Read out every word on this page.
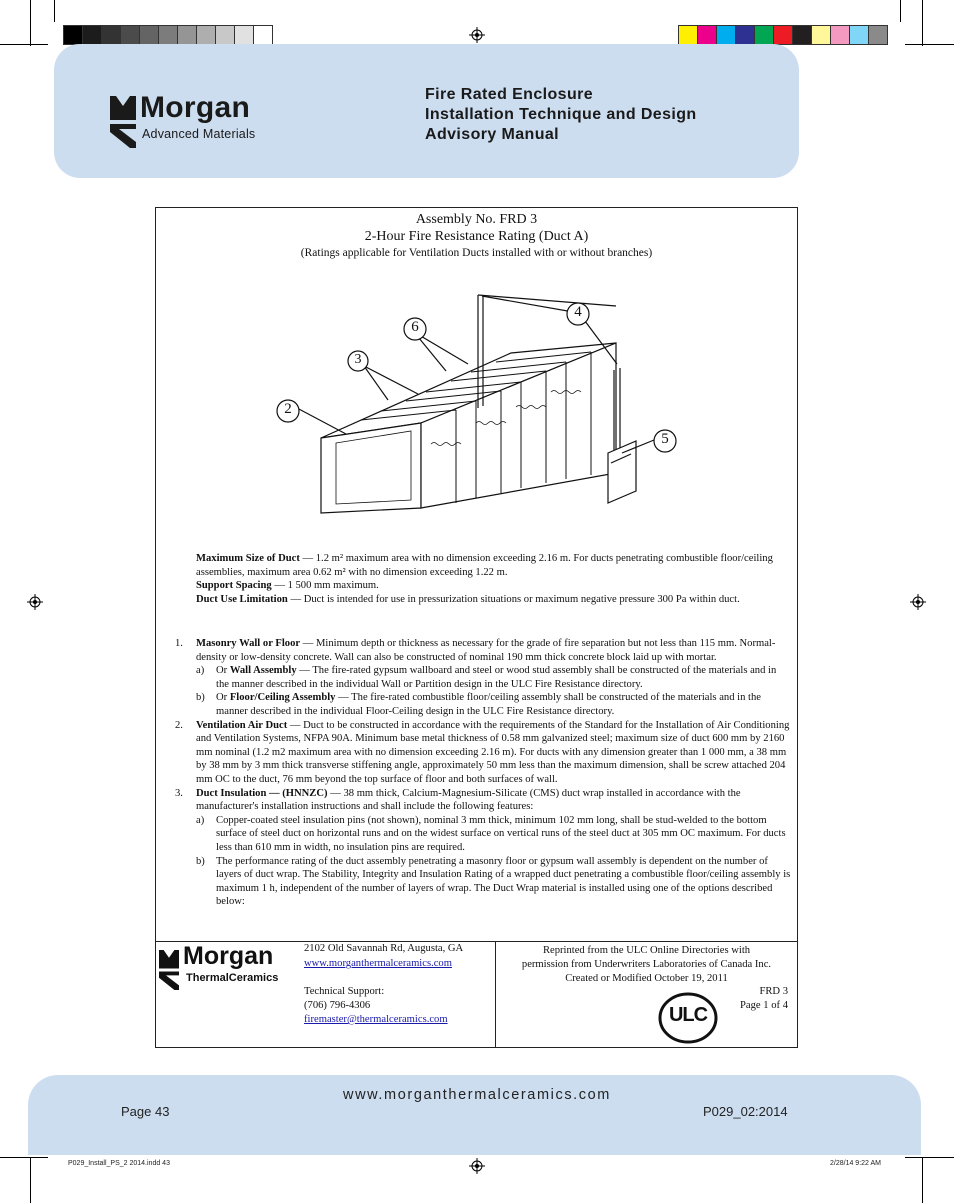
Morgan
Advanced Materials
Fire Rated Enclosure
Installation Technique and Design
Advisory Manual
Assembly No. FRD 3
2-Hour Fire Resistance Rating (Duct A)
(Ratings applicable for Ventilation Ducts installed with or without branches)
2
3
4
5
6

Maximum Size of Duct — 1.2 m² maximum area with no dimension exceeding 2.16 m. For ducts penetrating combustible floor/ceiling assemblies, maximum area 0.62 m² with no dimension exceeding 1.22 m.

Support Spacing — 1 500 mm maximum.

Duct Use Limitation — Duct is intended for use in pressurization situations or maximum negative pressure 300 Pa within duct.

1. Masonry Wall or Floor — Minimum depth or thickness as necessary for the grade of fire separation but not less than 115 mm. Normal-density or low-density concrete. Wall can also be constructed of nominal 190 mm thick concrete block laid up with mortar.
a) Or Wall Assembly — The fire-rated gypsum wallboard and steel or wood stud assembly shall be constructed of the materials and in the manner described in the individual Wall or Partition design in the ULC Fire Resistance directory.
b) Or Floor/Ceiling Assembly — The fire-rated combustible floor/ceiling assembly shall be constructed of the materials and in the manner described in the individual Floor-Ceiling design in the ULC Fire Resistance directory.
2. Ventilation Air Duct — Duct to be constructed in accordance with the requirements of the Standard for the Installation of Air Conditioning and Ventilation Systems, NFPA 90A. Minimum base metal thickness of 0.58 mm galvanized steel; maximum size of duct 600 mm by 2160 mm nominal (1.2 m2 maximum area with no dimension exceeding 2.16 m). For ducts with any dimension greater than 1 000 mm, a 38 mm by 38 mm by 3 mm thick transverse stiffening angle, approximately 50 mm less than the maximum dimension, shall be screw attached 204 mm OC to the duct, 76 mm beyond the top surface of floor and both surfaces of wall.
3. Duct Insulation — (HNNZC) — 38 mm thick, Calcium-Magnesium-Silicate (CMS) duct wrap installed in accordance with the manufacturer's installation instructions and shall include the following features:
a) Copper-coated steel insulation pins (not shown), nominal 3 mm thick, minimum 102 mm long, shall be stud-welded to the bottom surface of steel duct on horizontal runs and on the widest surface on vertical runs of the steel duct at 305 mm OC maximum. For ducts less than 610 mm in width, no insulation pins are required.
b) The performance rating of the duct assembly penetrating a masonry floor or gypsum wall assembly is dependent on the number of layers of duct wrap. The Stability, Integrity and Insulation Rating of a wrapped duct penetrating a combustible floor/ceiling assembly is maximum 1 h, independent of the number of layers of wrap. The Duct Wrap material is installed using one of the options described below:
Morgan
ThermalCeramics
2102 Old Savannah Rd, Augusta, GA
www.morganthermalceramics.com
Technical Support:
(706) 796-4306
firemaster@thermalceramics.com
Reprinted from the ULC Online Directories with
permission from Underwriters Laboratories of Canada Inc.
Created or Modified October 19, 2011
ULC
FRD 3
Page 1 of 4
www.morganthermalceramics.com
Page 43	P029_02:2014
P029_Install_PS_2 2014.indd 43	2/28/14 9:22 AM
